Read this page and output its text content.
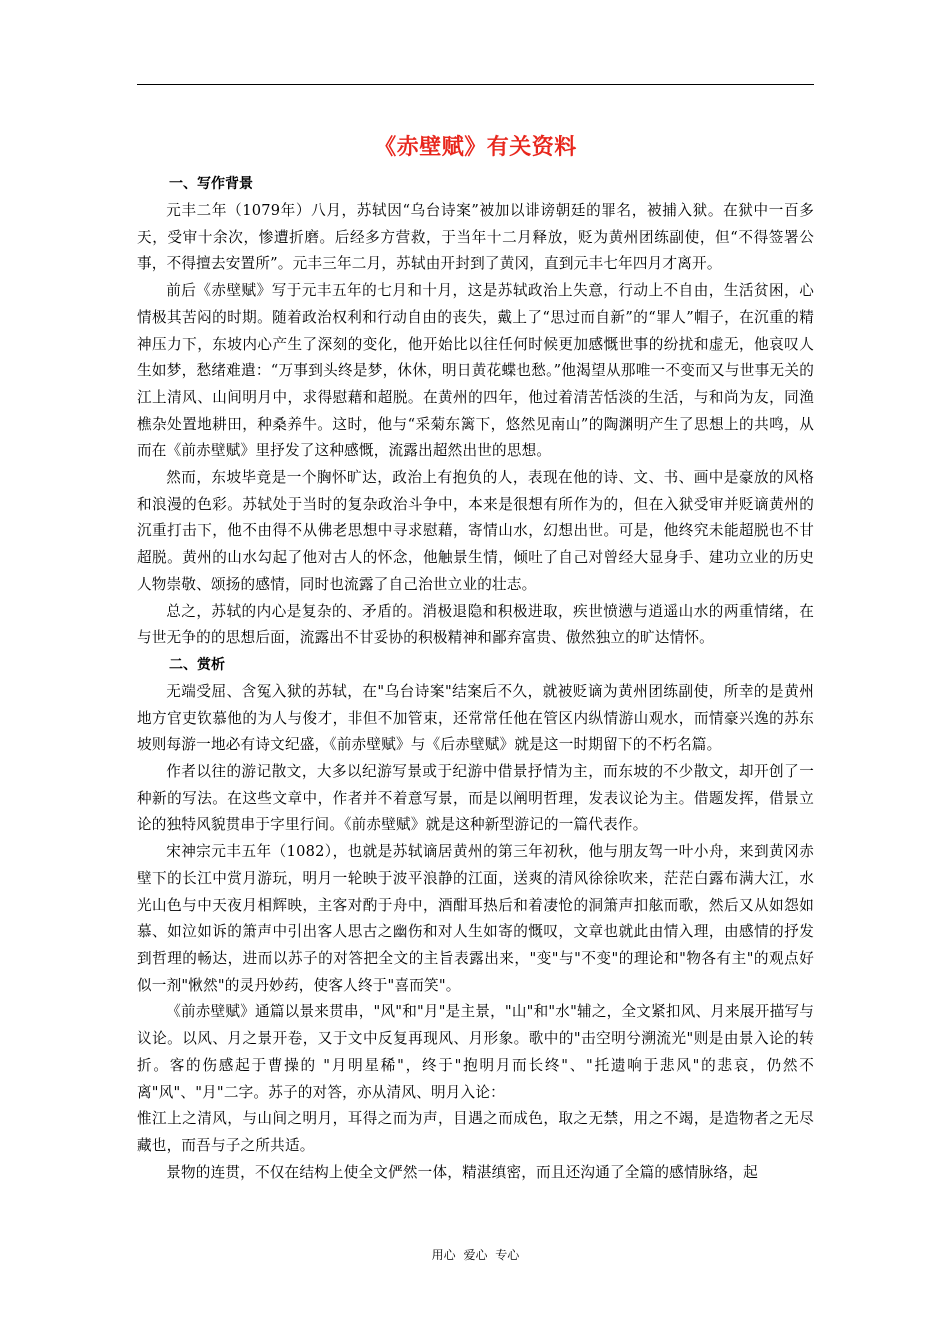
《赤壁赋》有关资料
一、写作背景

元丰二年（1079年）八月，苏轼因“乌台诗案”被加以诽谤朝廷的罪名，被捕入狱。在狱中一百多天，受审十余次，惨遭折磨。后经多方营救，于当年十二月释放，贬为黄州团练副使，但“不得签署公事，不得擅去安置所”。元丰三年二月，苏轼由开封到了黄冈，直到元丰七年四月才离开。

前后《赤壁赋》写于元丰五年的七月和十月，这是苏轼政治上失意，行动上不自由，生活贫困，心情极其苦闷的时期。随着政治权利和行动自由的丧失，戴上了“思过而自新”的“罪人”帽子，在沉重的精神压力下，东坡内心产生了深刻的变化，他开始比以往任何时候更加感慨世事的纷扰和虚无，他哀叹人生如梦，愁绪难遣：“万事到头终是梦，休休，明日黄花蝶也愁。”他渴望从那唯一不变而又与世事无关的江上清风、山间明月中，求得慰藉和超脱。在黄州的四年，他过着清苦恬淡的生活，与和尚为友，同渔樵杂处置地耕田，种桑养牛。这时，他与“采菊东篱下，悠然见南山”的陶渊明产生了思想上的共鸣，从而在《前赤壁赋》里抒发了这种感慨，流露出超然出世的思想。

然而，东坡毕竟是一个胸怀旷达，政治上有抱负的人，表现在他的诗、文、书、画中是豪放的风格和浪漫的色彩。苏轼处于当时的复杂政治斗争中，本来是很想有所作为的，但在入狱受审并贬谪黄州的沉重打击下，他不由得不从佛老思想中寻求慰藉，寄情山水，幻想出世。可是，他终究未能超脱也不甘超脱。黄州的山水勾起了他对古人的怀念，他触景生情，倾吐了自己对曾经大显身手、建功立业的历史人物崇敬、颂扬的感情，同时也流露了自己治世立业的壮志。

总之，苏轼的内心是复杂的、矛盾的。消极退隐和积极进取，疾世愤懑与逍遥山水的两重情绪，在与世无争的的思想后面，流露出不甘妥协的积极精神和鄙弃富贵、傲然独立的旷达情怀。

二、赏析

无端受屈、含冤入狱的苏轼，在"乌台诗案"结案后不久，就被贬谪为黄州团练副使，所幸的是黄州地方官吏钦慕他的为人与俊才，非但不加管束，还常常任他在管区内纵情游山观水，而情豪兴逸的苏东坡则每游一地必有诗文纪盛，《前赤壁赋》与《后赤壁赋》就是这一时期留下的不朽名篇。

作者以往的游记散文，大多以纪游写景或于纪游中借景抒情为主，而东坡的不少散文，却开创了一种新的写法。在这些文章中，作者并不着意写景，而是以阐明哲理，发表议论为主。借题发挥，借景立论的独特风貌贯串于字里行间。《前赤壁赋》就是这种新型游记的一篇代表作。

宋神宗元丰五年（1082），也就是苏轼谪居黄州的第三年初秋，他与朋友驾一叶小舟，来到黄冈赤壁下的长江中赏月游玩，明月一轮映于波平浪静的江面，送爽的清风徐徐吹来，茫茫白露布满大江，水光山色与中天夜月相辉映，主客对酌于舟中，酒酣耳热后和着凄怆的洞箫声扣舷而歌，然后又从如怨如慕、如泣如诉的箫声中引出客人思古之幽伤和对人生如寄的慨叹，文章也就此由情入理，由感情的抒发到哲理的畅达，进而以苏子的对答把全文的主旨表露出来，"变"与"不变"的理论和"物各有主"的观点好似一剂"愀然"的灵丹妙药，使客人终于"喜而笑"。

《前赤壁赋》通篇以景来贯串，"风"和"月"是主景，"山"和"水"辅之，全文紧扣风、月来展开描写与议论。以风、月之景开卷，又于文中反复再现风、月形象。歌中的"击空明兮溯流光"则是由景入论的转折。客的伤感起于曹操的 "月明星稀"，终于"抱明月而长终"、"托遗响于悲风"的悲哀，仍然不离"风"、"月"二字。苏子的对答，亦从清风、明月入论：

惟江上之清风，与山间之明月，耳得之而为声，目遇之而成色，取之无禁，用之不竭，是造物者之无尽藏也，而吾与子之所共适。

景物的连贯，不仅在结构上使全文俨然一体，精湛缜密，而且还沟通了全篇的感情脉络，起

用心 爱心 专心
